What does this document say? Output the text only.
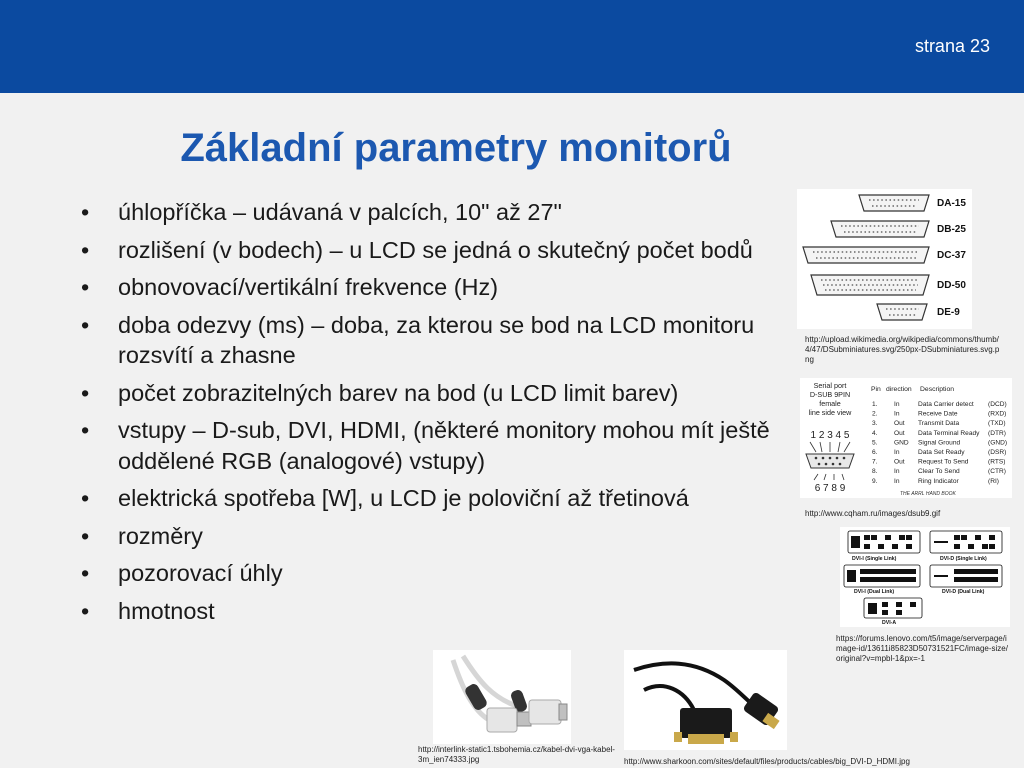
strana 23
Základní parametry monitorů
• úhlopříčka – udávaná v palcích, 10" až 27"
• rozlišení (v bodech) – u LCD se jedná o skutečný počet bodů
• obnovovací/vertikální frekvence (Hz)
• doba odezvy (ms) – doba, za kterou se bod na LCD monitoru rozsvítí a zhasne
• počet zobrazitelných barev na bod (u LCD limit barev)
• vstupy – D-sub, DVI, HDMI, (některé monitory mohou mít ještě oddělené RGB (analogové) vstupy)
• elektrická spotřeba [W], u LCD je poloviční až třetinová
• rozměry
• pozorovací úhly
• hmotnost
DA-15
DB-25
DC-37
DD-50
DE-9
http://upload.wikimedia.org/wikipedia/commons/thumb/4/47/DSubminiatures.svg/250px-DSubminiatures.svg.png
Serial port
D-SUB 9PIN
female
line side view
1 2 3 4 5
6 7 8 9
Pin direction Description
1.	In	Data Carrier detect (DCD)
2.	In	Receive Date	(RXD)
3.	Out Transmit Data	(TXD)
4.	Out Data Terminal Ready (DTR)
5.	GND Signal Ground	(GND)
6.	In	Data Set Ready	(DSR)
7.	Out Request To Send	(RTS)
8.	In	Clear To Send	(CTR)
9.	In	Ring Indicator	(RI)
THE ARRL HAND BOOK
http://www.cqham.ru/images/dsub9.gif
DVI-I (Single Link)	DVI-D (Single Link)
DVI-I (Dual Link)	DVI-D (Dual Link)
DVI-A
https://forums.lenovo.com/t5/image/serverpage/image-id/13611i85823D50731521FC/image-size/original?v=mpbl-1&px=-1
http://interlink-static1.tsbohemia.cz/kabel-dvi-vga-kabel-3m_ien74333.jpg	http://www.sharkoon.com/sites/default/files/products/cables/big_DVI-D_HDMI.jpg
